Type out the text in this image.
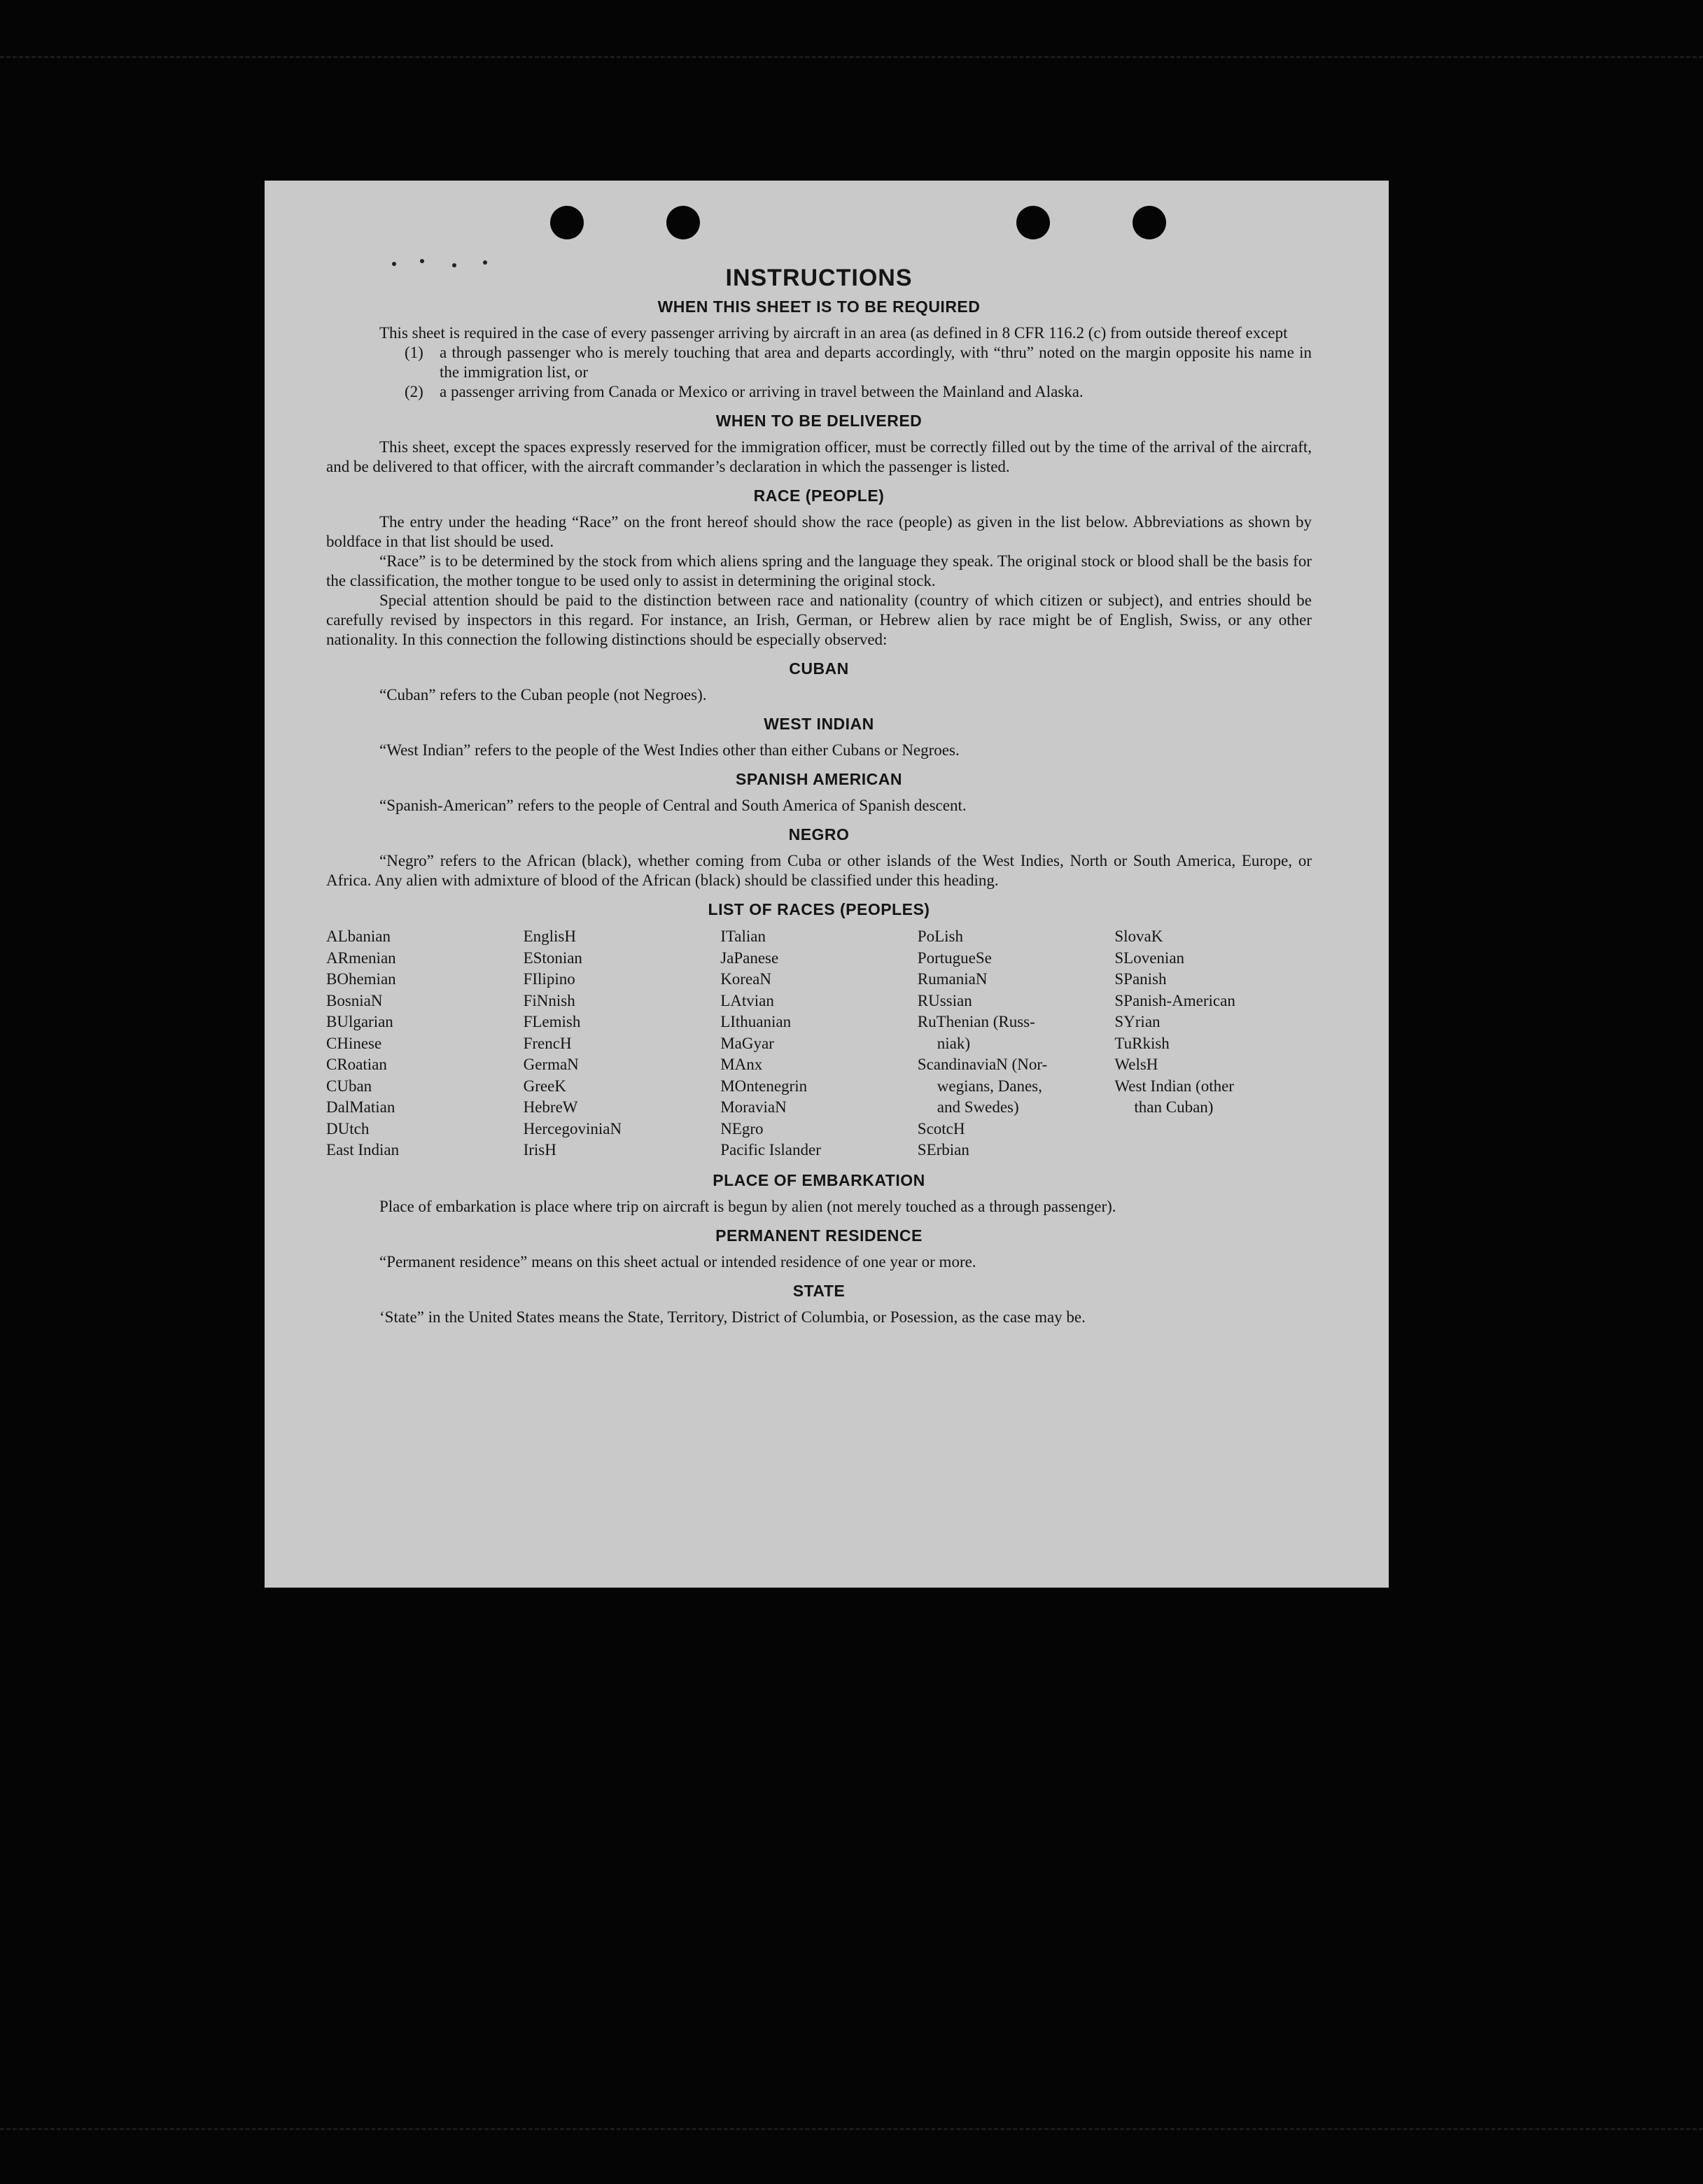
INSTRUCTIONS
WHEN THIS SHEET IS TO BE REQUIRED

This sheet is required in the case of every passenger arriving by aircraft in an area (as defined in 8 CFR 116.2 (c) from outside thereof except

(1)	a through passenger who is merely touching that area and departs accordingly, with “thru” noted on the margin opposite his name in the immigration list, or
(2)	a passenger arriving from Canada or Mexico or arriving in travel between the Mainland and Alaska.
WHEN TO BE DELIVERED

This sheet, except the spaces expressly reserved for the immigration officer, must be correctly filled out by the time of the arrival of the aircraft, and be delivered to that officer, with the aircraft commander’s declaration in which the passenger is listed.

RACE (PEOPLE)

The entry under the heading “Race” on the front hereof should show the race (people) as given in the list below. Abbreviations as shown by boldface in that list should be used.

“Race” is to be determined by the stock from which aliens spring and the language they speak. The original stock or blood shall be the basis for the classification, the mother tongue to be used only to assist in determining the original stock.

Special attention should be paid to the distinction between race and nationality (country of which citizen or subject), and entries should be carefully revised by inspectors in this regard. For instance, an Irish, German, or Hebrew alien by race might be of English, Swiss, or any other nationality. In this connection the following distinctions should be especially observed:

CUBAN

“Cuban” refers to the Cuban people (not Negroes).

WEST INDIAN

“West Indian” refers to the people of the West Indies other than either Cubans or Negroes.

SPANISH AMERICAN

“Spanish-American” refers to the people of Central and South America of Spanish descent.

NEGRO

“Negro” refers to the African (black), whether coming from Cuba or other islands of the West Indies, North or South America, Europe, or Africa. Any alien with admixture of blood of the African (black) should be classified under this heading.

LIST OF RACES (PEOPLES)
ALbanian
ARmenian
BOhemian
BosniaN
BUlgarian
CHinese
CRoatian
CUban
DalMatian
DUtch
East Indian
EnglisH
EStonian
FIlipino
FiNnish
FLemish
FrencH
GermaN
GreeK
HebreW
HercegoviniaN
IrisH
ITalian
JaPanese
KoreaN
LAtvian
LIthuanian
MaGyar
MAnx
MOntenegrin
MoraviaN
NEgro
Pacific Islander
PoLish
PortugueSe
RumaniaN
RUssian
RuThenian (Russ-
niak)
ScandinaviaN (Nor-
wegians, Danes,
and Swedes)
ScotcH
SErbian
SlovaK
SLovenian
SPanish
SPanish-American
SYrian
TuRkish
WelsH
West Indian (other
than Cuban)
PLACE OF EMBARKATION

Place of embarkation is place where trip on aircraft is begun by alien (not merely touched as a through passenger).

PERMANENT RESIDENCE

“Permanent residence” means on this sheet actual or intended residence of one year or more.

STATE

‘State” in the United States means the State, Territory, District of Columbia, or Posession, as the case may be.
